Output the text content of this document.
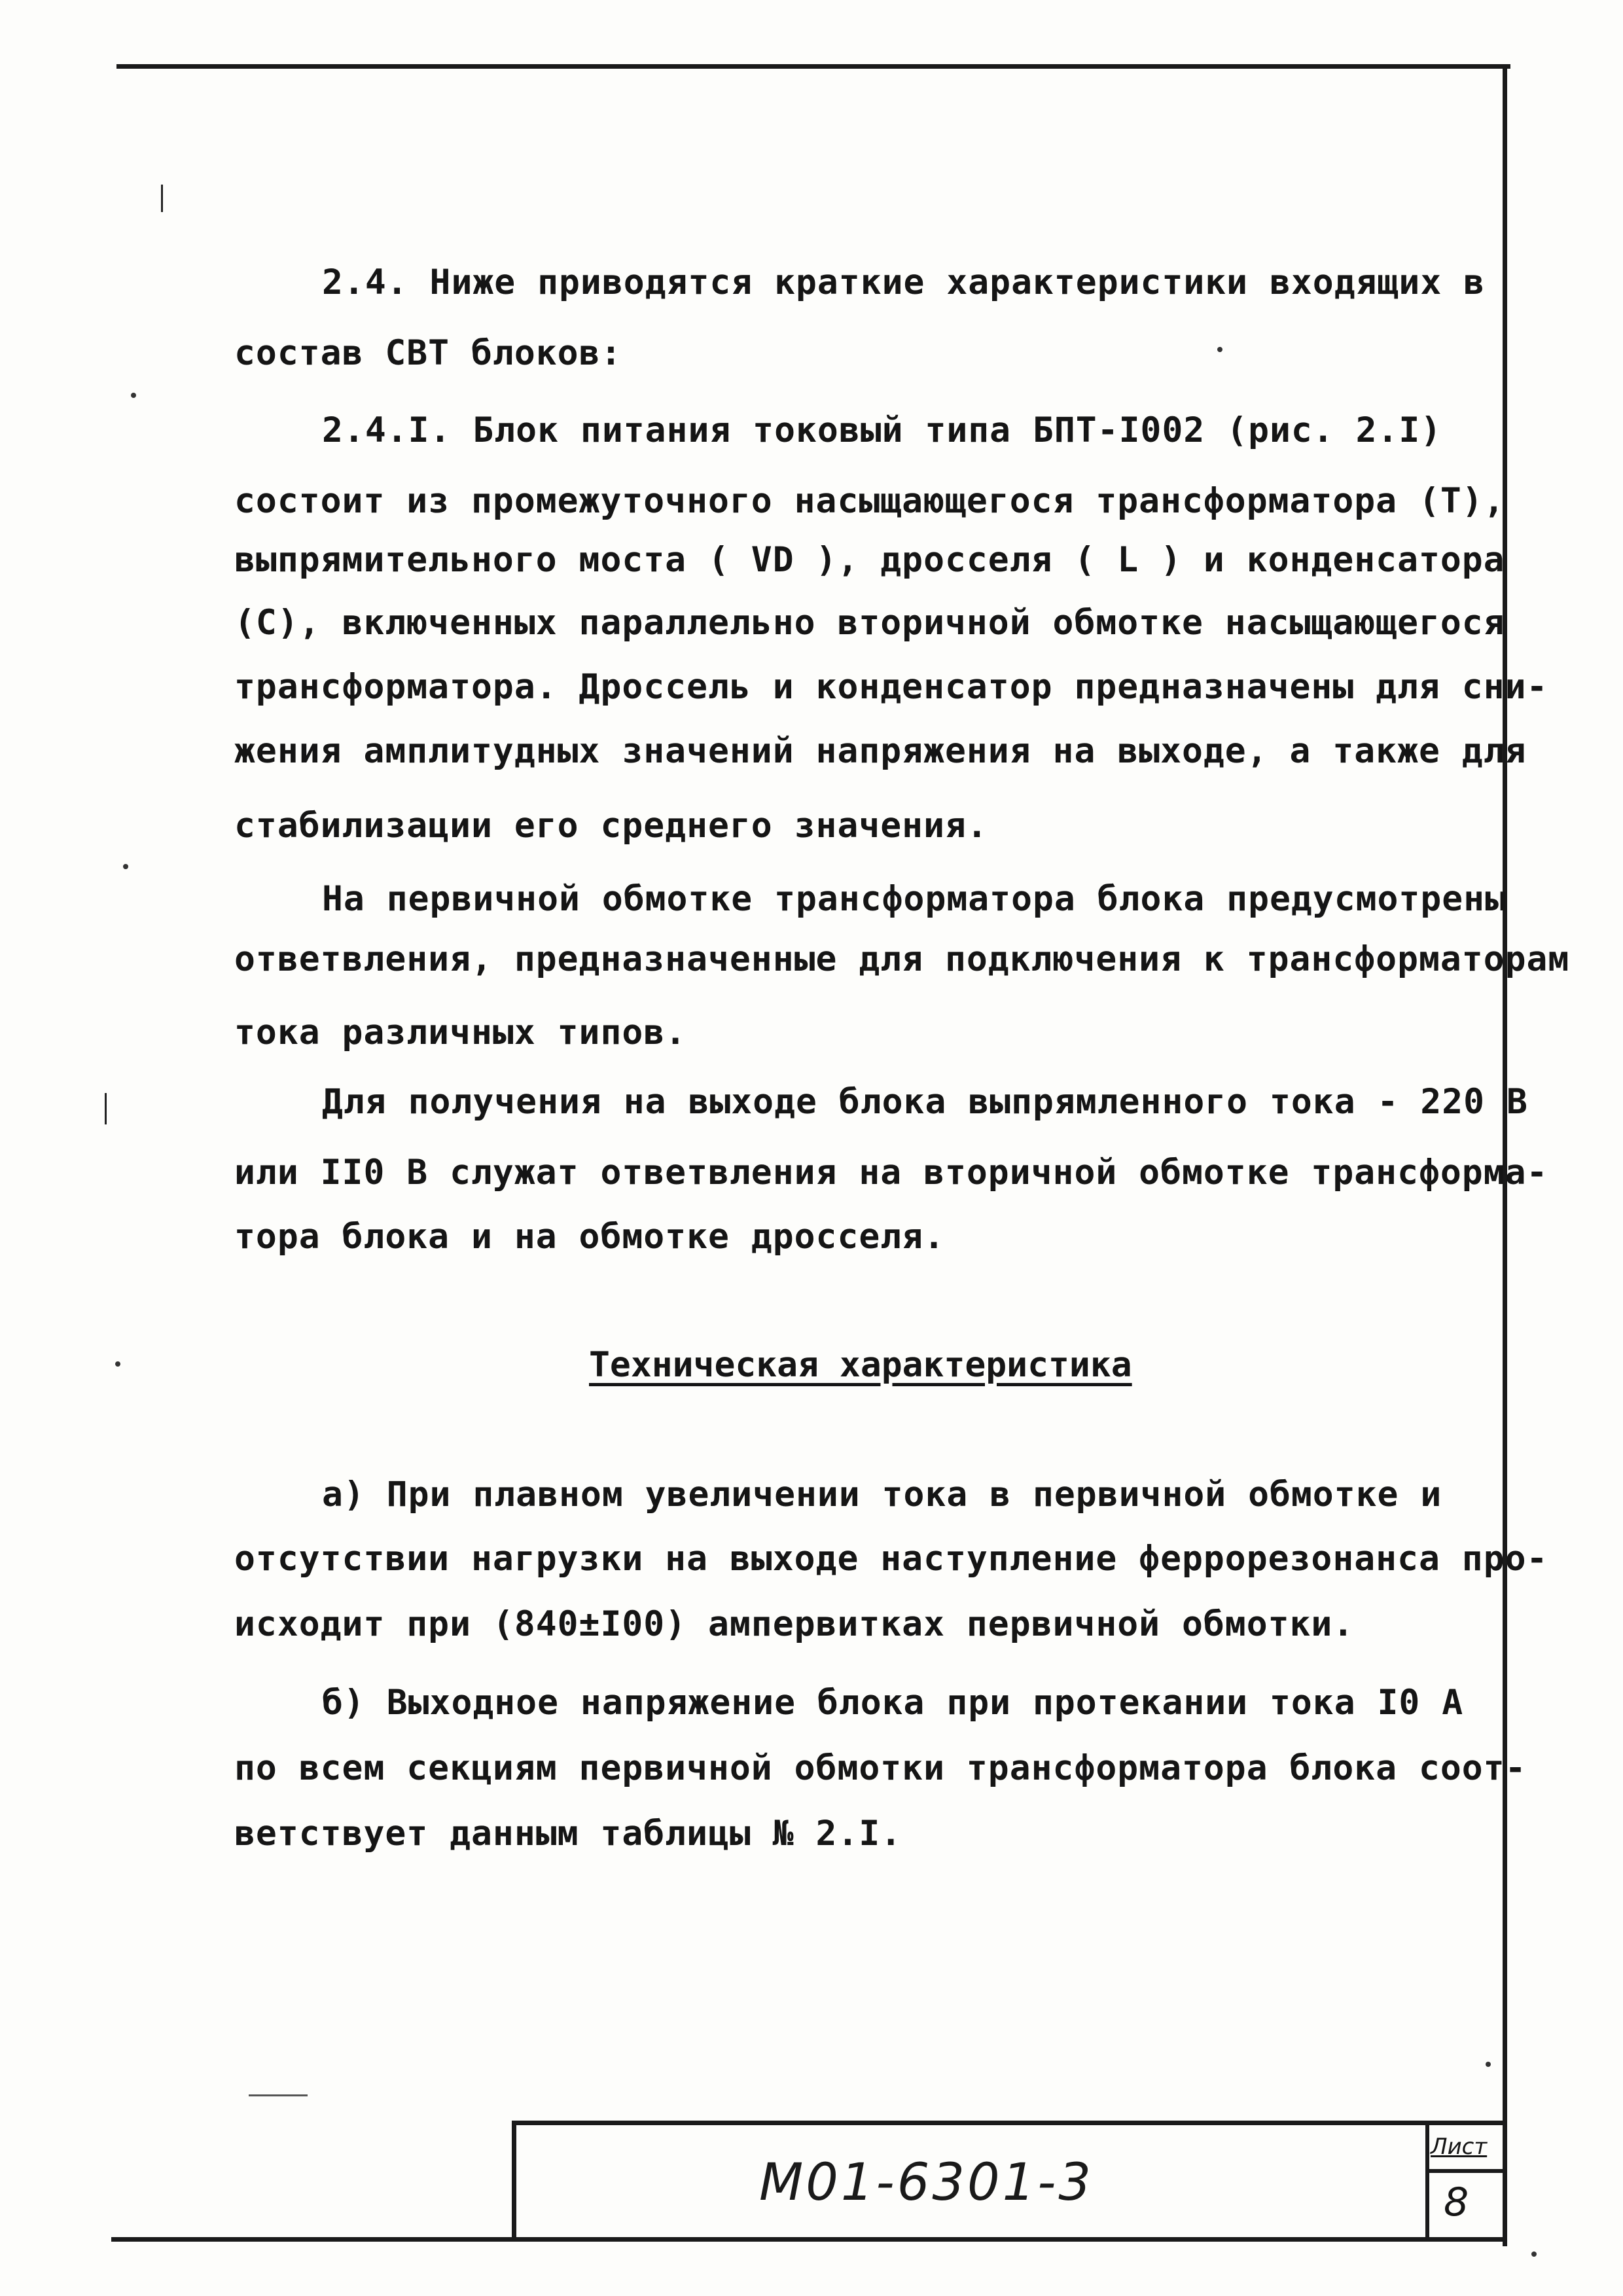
2.4. Ниже приводятся краткие характеристики входящих в
состав СВТ блоков:
2.4.I. Блок питания токовый типа БПТ-I002 (рис. 2.I)
состоит из промежуточного насыщающегося трансформатора (Т),
выпрямительного моста ( VD ), дросселя ( L ) и конденсатора
(С), включенных параллельно вторичной обмотке насыщающегося
трансформатора. Дроссель и конденсатор предназначены для сни-
жения амплитудных значений напряжения на выходе, а также для
стабилизации его среднего значения.
На первичной обмотке трансформатора блока предусмотрены
ответвления, предназначенные для подключения к трансформаторам
тока различных типов.
Для получения на выходе блока выпрямленного тока - 220 В
или II0 В служат ответвления на вторичной обмотке трансформа-
тора блока и на обмотке дросселя.
Техническая характеристика
а) При плавном увеличении тока в первичной обмотке и
отсутствии нагрузки на выходе наступление феррорезонанса про-
исходит при (840±I00) ампервитках первичной обмотки.
б) Выходное напряжение блока при протекании тока I0 А
по всем секциям первичной обмотки трансформатора блока соот-
ветствует данным таблицы № 2.I.
М01-6301-3
Лист
8
